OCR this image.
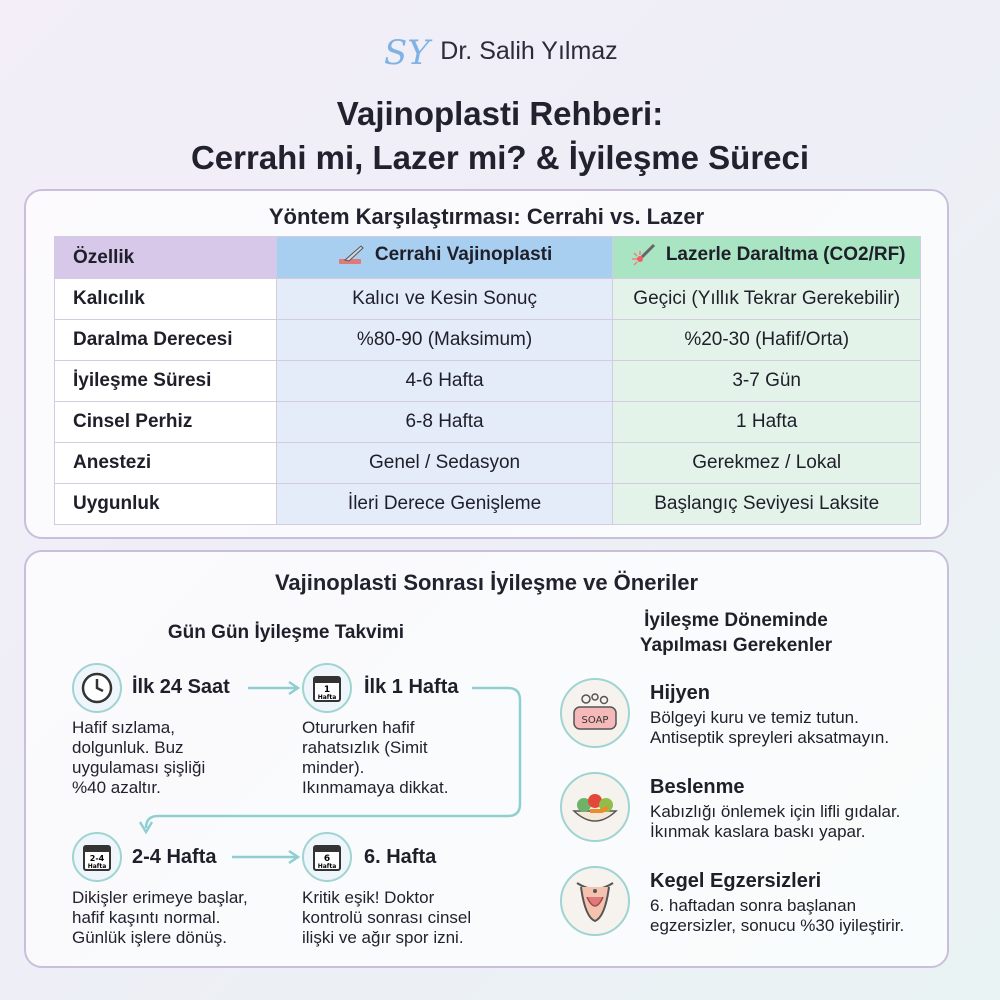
SY Dr. Salih Yılmaz
Vajinoplasti Rehberi:
Cerrahi mi, Lazer mi? & İyileşme Süreci
Yöntem Karşılaştırması: Cerrahi vs. Lazer
Özellik	Cerrahi Vajinoplasti	Lazerle Daraltma (CO2/RF)

Kalıcılık	Kalıcı ve Kesin Sonuç	Geçici (Yıllık Tekrar Gerekebilir)
Daralma Derecesi	%80-90 (Maksimum)	%20-30 (Hafif/Orta)
İyileşme Süresi	4-6 Hafta	3-7 Gün
Cinsel Perhiz	6-8 Hafta	1 Hafta
Anestezi	Genel / Sedasyon	Gerekmez / Lokal
Uygunluk	İleri Derece Genişleme	Başlangıç Seviyesi Laksite
Vajinoplasti Sonrası İyileşme ve Öneriler
Gün Gün İyileşme Takvimi
İlk 24 Saat
Hafif sızlama,
dolgunluk. Buz
uygulaması şişliği
%40 azaltır.
1
Hafta İlk 1 Hafta
Otururken hafif
rahatsızlık (Simit
minder).
Ikınmamaya dikkat.
2-4
Hafta 2-4 Hafta
Dikişler erimeye başlar,
hafif kaşıntı normal.
Günlük işlere dönüş.
6
Hafta 6. Hafta
Kritik eşik! Doktor
kontrolü sonrası cinsel
ilişki ve ağır spor izni.
İyileşme Döneminde
Yapılması Gerekenler
SOAP
Hijyen
Bölgeyi kuru ve temiz tutun.
Antiseptik spreyleri aksatmayın.
Beslenme
Kabızlığı önlemek için lifli gıdalar.
İkınmak kaslara baskı yapar.
Kegel Egzersizleri
6. haftadan sonra başlanan
egzersizler, sonucu %30 iyileştirir.
